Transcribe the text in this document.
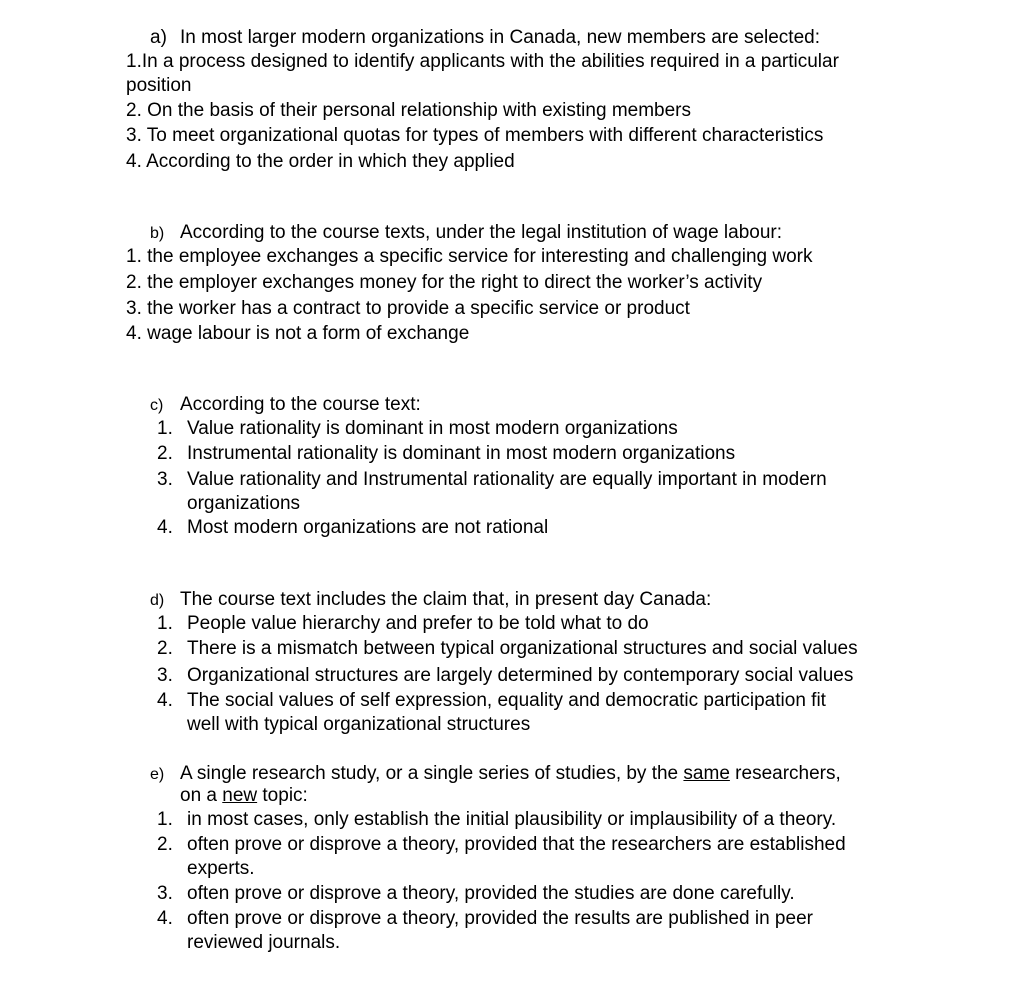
a) In most larger modern organizations in Canada, new members are selected:
1.In a process designed to identify applicants with the abilities required in a particular
position
2. On the basis of their personal relationship with existing members
3. To meet organizational quotas for types of members with different characteristics
4. According to the order in which they applied
b) According to the course texts, under the legal institution of wage labour:
1. the employee exchanges a specific service for interesting and challenging work
2. the employer exchanges money for the right to direct the worker’s activity
3. the worker has a contract to provide a specific service or product
4. wage labour is not a form of exchange
c) According to the course text:
1. Value rationality is dominant in most modern organizations
2. Instrumental rationality is dominant in most modern organizations
3. Value rationality and Instrumental rationality are equally important in modern
organizations
4. Most modern organizations are not rational
d) The course text includes the claim that, in present day Canada:
1. People value hierarchy and prefer to be told what to do
2. There is a mismatch between typical organizational structures and social values
3. Organizational structures are largely determined by contemporary social values
4. The social values of self expression, equality and democratic participation fit
well with typical organizational structures
e) A single research study, or a single series of studies, by the same researchers,
on a new topic:
1. in most cases, only establish the initial plausibility or implausibility of a theory.
2. often prove or disprove a theory, provided that the researchers are established
experts.
3. often prove or disprove a theory, provided the studies are done carefully.
4. often prove or disprove a theory, provided the results are published in peer
reviewed journals.
